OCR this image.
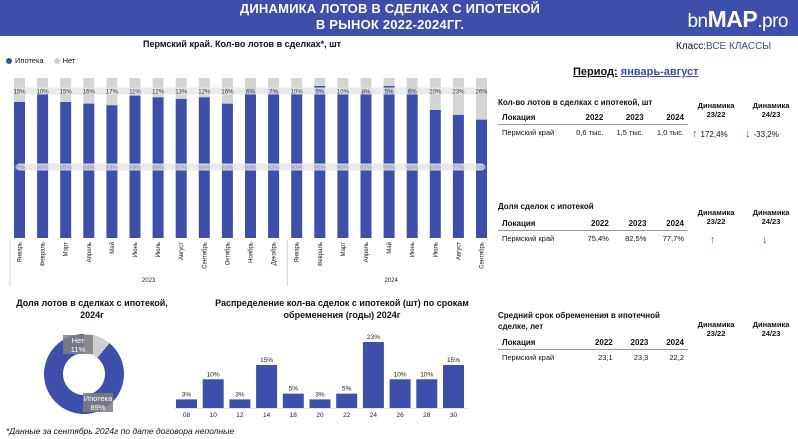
ДИНАМИКА ЛОТОВ В СДЕЛКАХ С ИПОТЕКОЙ
В РЫНОК 2022-2024ГГ.	bnMAP.pro
Пермский край. Кол-во лотов в сделках*, шт
Ипотека	Нет
15%
85%
Январь
10%
90%
Февраль
15%
85%
Март
16%
84%
Апрель
17%
83%
Май
11%
89%
Июнь
12%
88%
Июль
13%
87%
Август
12%
88%
Сентябрь
16%
84%
Октябрь
6%
94%
Ноябрь
7%
93%
Декабрь
10%
90%
Январь
5%
95%
Февраль
10%
90%
Март
8%
92%
Апрель
5%
95%
Май
6%
94%
Июнь
20%
80%
Июль
23%
77%
Август
26%
74%
Сентябрь
2023	2024
Доля лотов в сделках с ипотекой, 2024г
Нет
11%
Ипотека
89%
Распределение кол-ва сделок с ипотекой (шт) по срокам обременения (годы) 2024г
3%
08
10%
10
3%
12
15%
14
5%
18
3%
20
5%
22
23%
24
10%
26
10%
28
15%
30
Класс:ВСЕ КЛАССЫ
Период: январь-август
Кол-во лотов в сделках с ипотекой, шт
Локация	2022	2023	2024
Пермский край	0,6 тыс.	1,5 тыс.	1,0 тыс.
Динамика 23/22
Динамика 24/23
↑ 172,4% ↓ -33,2%
Доля сделок с ипотекой
Локация	2022	2023	2024
Пермский край	75,4%	82,5%	77,7%
Динамика 23/22
Динамика 24/23
↑	↓
Средний срок обременения в ипотечной сделке, лет
Локация	2022	2023	2024
Пермский край	23,1	23,3	22,2
Динамика 23/22
Динамика 24/23
*Данные за сентябрь 2024г по дате договора неполные
